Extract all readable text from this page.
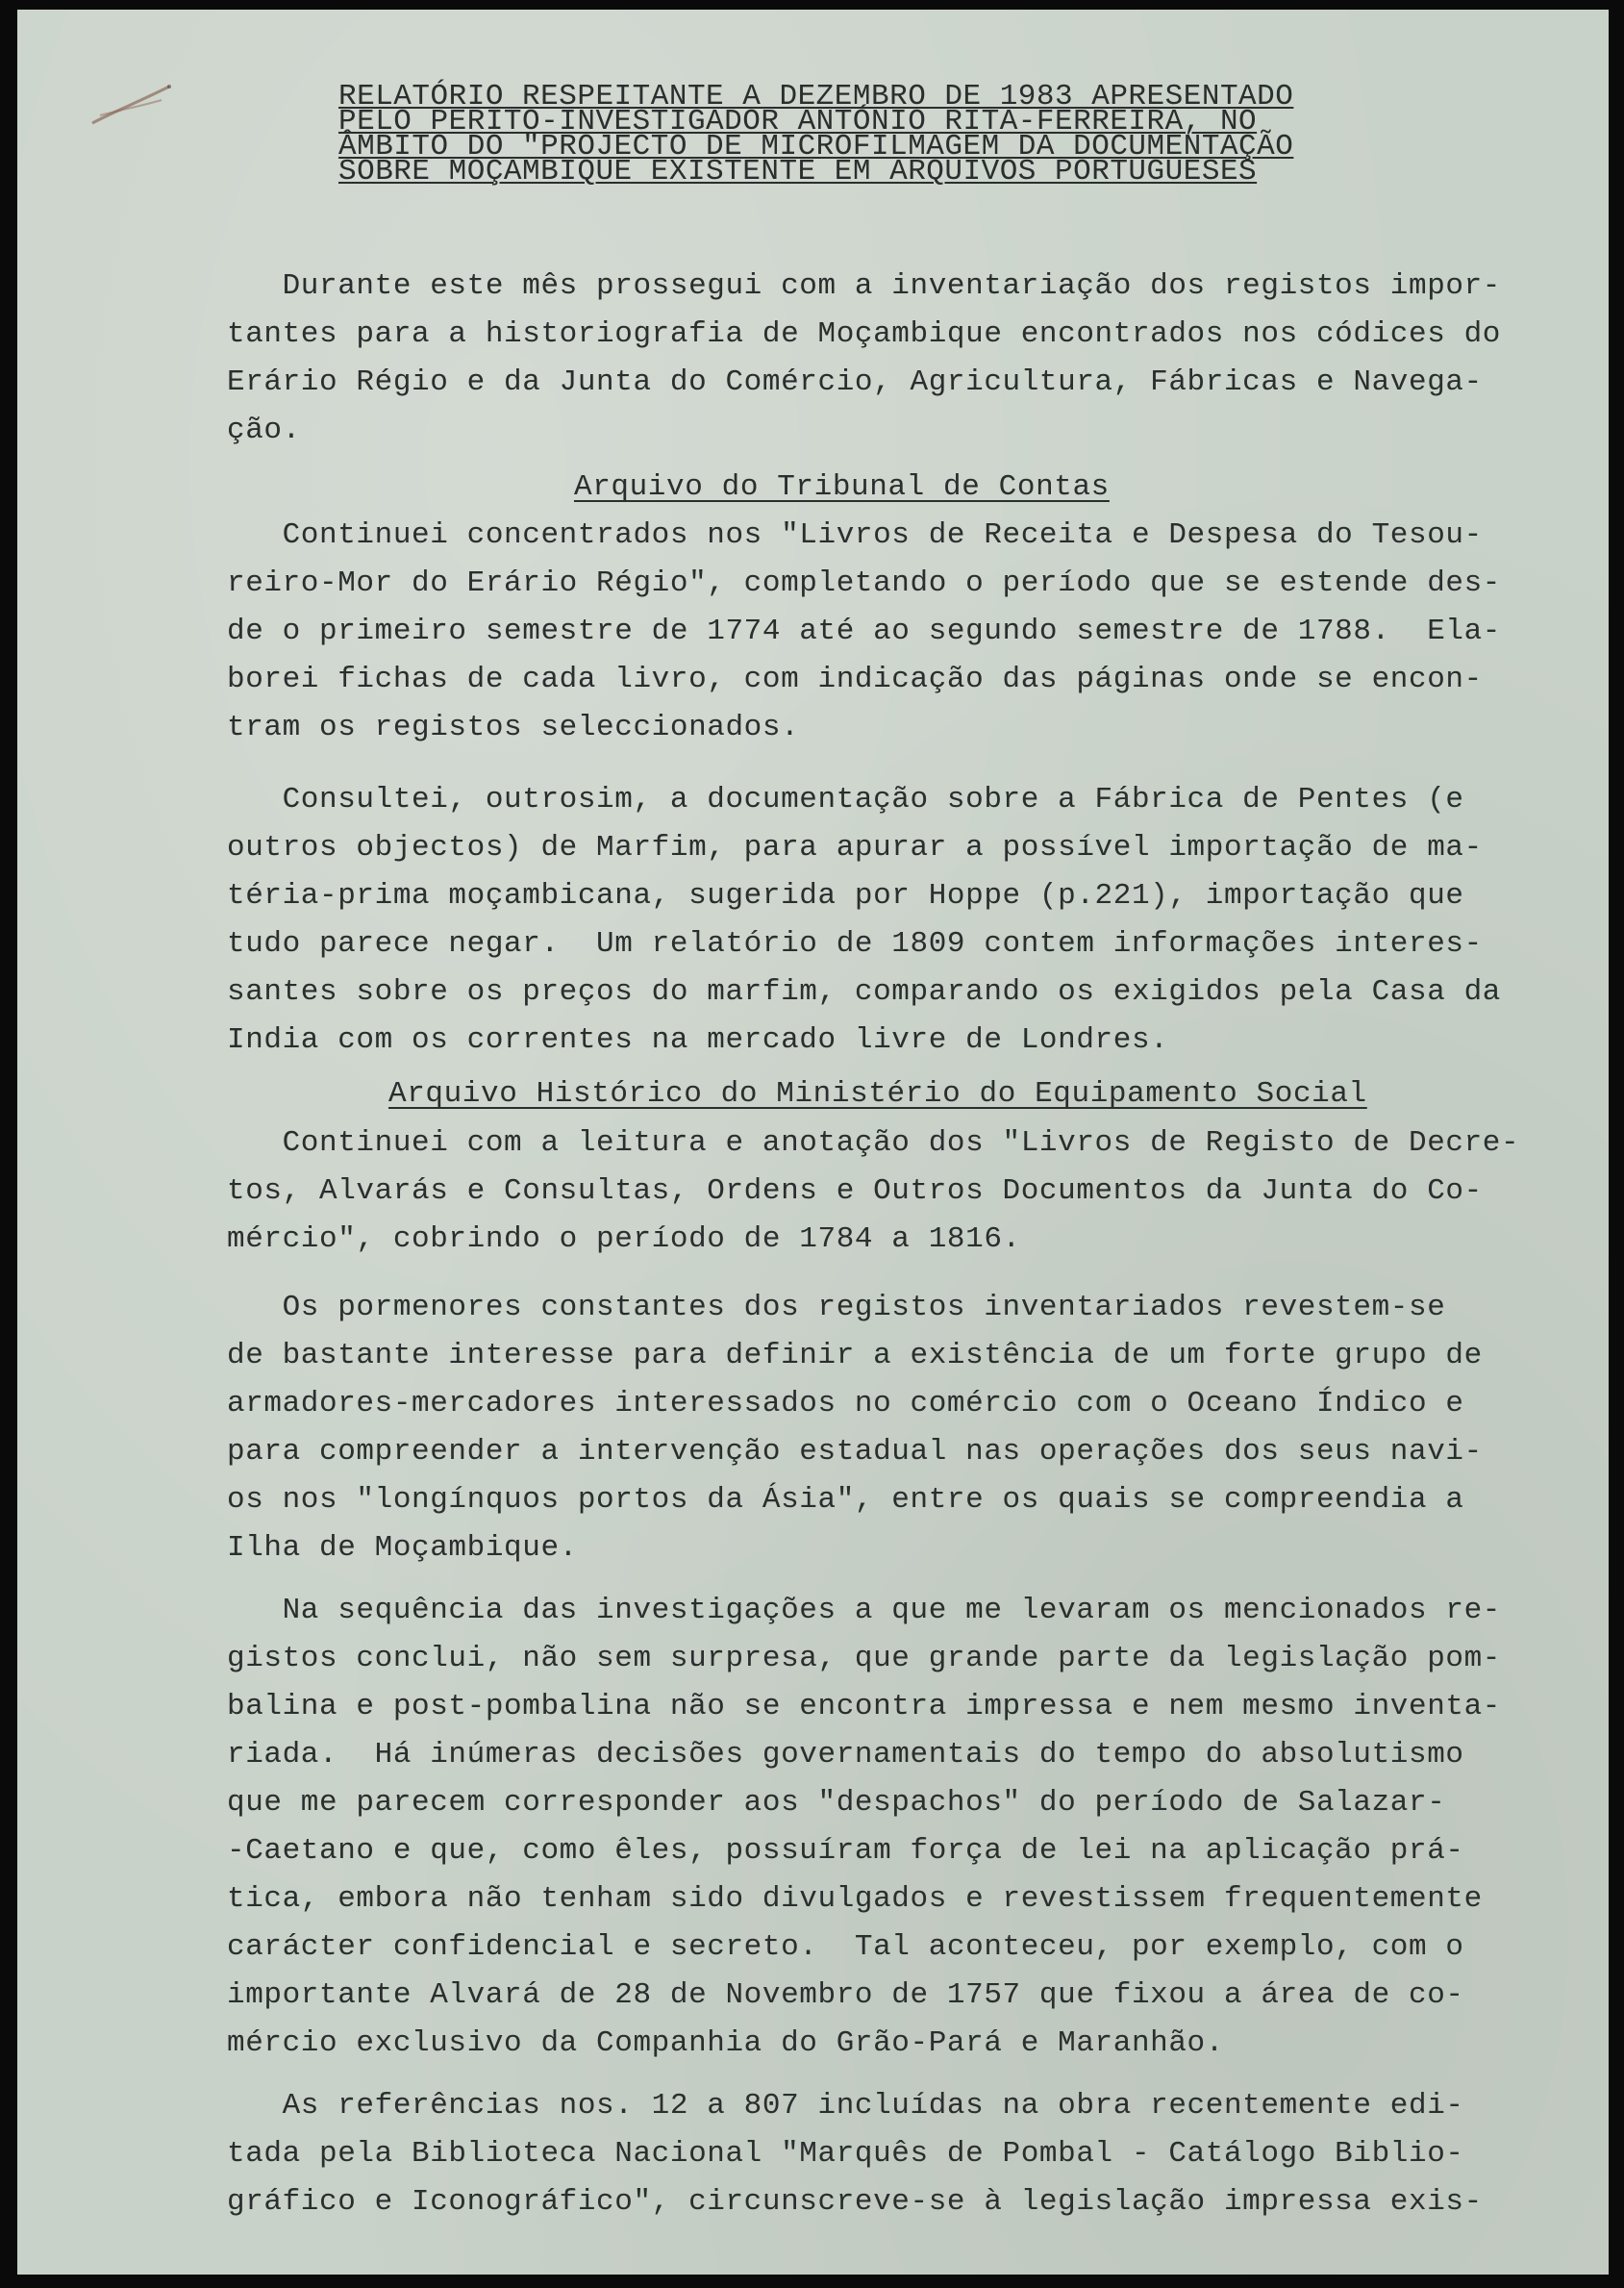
RELATÓRIO RESPEITANTE A DEZEMBRO DE 1983 APRESENTADO
PELO PERITO-INVESTIGADOR ANTÓNIO RITA-FERREIRA, NO
ÂMBITO DO "PROJECTO DE MICROFILMAGEM DA DOCUMENTAÇÃO
SOBRE MOÇAMBIQUE EXISTENTE EM ARQUIVOS PORTUGUESES
Durante este mês prossegui com a inventariação dos registos impor-
tantes para a historiografia de Moçambique encontrados nos códices do
Erário Régio e da Junta do Comércio, Agricultura, Fábricas e Navega-
ção.
Arquivo do Tribunal de Contas
Continuei concentrados nos "Livros de Receita e Despesa do Tesou-
reiro-Mor do Erário Régio", completando o período que se estende des-
de o primeiro semestre de 1774 até ao segundo semestre de 1788.  Ela-
borei fichas de cada livro, com indicação das páginas onde se encon-
tram os registos seleccionados.
Consultei, outrosim, a documentação sobre a Fábrica de Pentes (e
outros objectos) de Marfim, para apurar a possível importação de ma-
téria-prima moçambicana, sugerida por Hoppe (p.221), importação que
tudo parece negar.  Um relatório de 1809 contem informações interes-
santes sobre os preços do marfim, comparando os exigidos pela Casa da
India com os correntes na mercado livre de Londres.
Arquivo Histórico do Ministério do Equipamento Social
Continuei com a leitura e anotação dos "Livros de Registo de Decre-
tos, Alvarás e Consultas, Ordens e Outros Documentos da Junta do Co-
mércio", cobrindo o período de 1784 a 1816.
Os pormenores constantes dos registos inventariados revestem-se
de bastante interesse para definir a existência de um forte grupo de
armadores-mercadores interessados no comércio com o Oceano Índico e
para compreender a intervenção estadual nas operações dos seus navi-
os nos "longínquos portos da Ásia", entre os quais se compreendia a
Ilha de Moçambique.
Na sequência das investigações a que me levaram os mencionados re-
gistos conclui, não sem surpresa, que grande parte da legislação pom-
balina e post-pombalina não se encontra impressa e nem mesmo inventa-
riada.  Há inúmeras decisões governamentais do tempo do absolutismo
que me parecem corresponder aos "despachos" do período de Salazar-
-Caetano e que, como êles, possuíram força de lei na aplicação prá-
tica, embora não tenham sido divulgados e revestissem frequentemente
carácter confidencial e secreto.  Tal aconteceu, por exemplo, com o
importante Alvará de 28 de Novembro de 1757 que fixou a área de co-
mércio exclusivo da Companhia do Grão-Pará e Maranhão.
As referências nos. 12 a 807 incluídas na obra recentemente edi-
tada pela Biblioteca Nacional "Marquês de Pombal - Catálogo Biblio-
gráfico e Iconográfico", circunscreve-se à legislação impressa exis-
